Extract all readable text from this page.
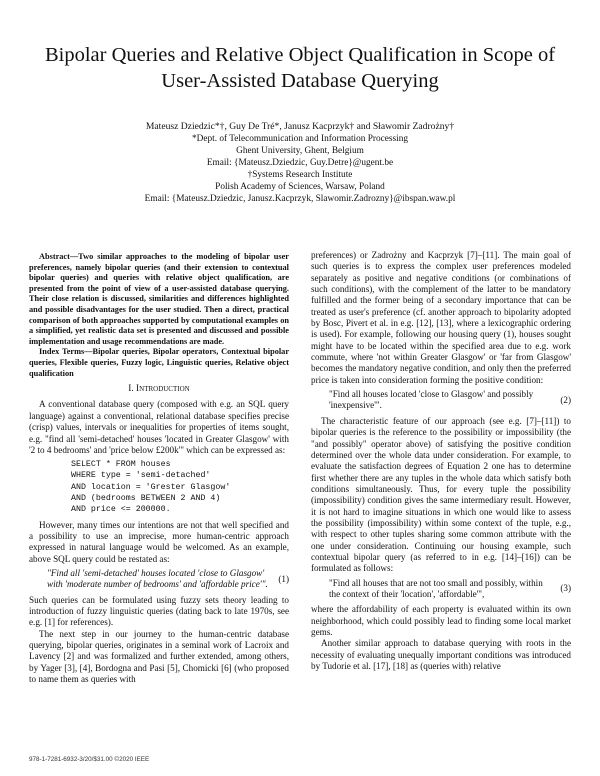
Bipolar Queries and Relative Object Qualification in Scope of User-Assisted Database Querying
Mateusz Dziedzic*†, Guy De Tré*, Janusz Kacprzyk† and Sławomir Zadrożny†
*Dept. of Telecommunication and Information Processing
Ghent University, Ghent, Belgium
Email: {Mateusz.Dziedzic, Guy.Detre}@ugent.be
†Systems Research Institute
Polish Academy of Sciences, Warsaw, Poland
Email: {Mateusz.Dziedzic, Janusz.Kacprzyk, Slawomir.Zadrozny}@ibspan.waw.pl

Abstract—Two similar approaches to the modeling of bipolar user preferences, namely bipolar queries (and their extension to contextual bipolar queries) and queries with relative object qualification, are presented from the point of view of a user-assisted database querying. Their close relation is discussed, similarities and differences highlighted and possible disadvantages for the user studied. Then a direct, practical comparison of both approaches supported by computational examples on a simplified, yet realistic data set is presented and discussed and possible implementation and usage recommendations are made.

Index Terms—Bipolar queries, Bipolar operators, Contextual bipolar queries, Flexible queries, Fuzzy logic, Linguistic queries, Relative object qualification

I. Introduction

A conventional database query (composed with e.g. an SQL query language) against a conventional, relational database specifies precise (crisp) values, intervals or inequalities for properties of items sought, e.g. "find all 'semi-detached' houses 'located in Greater Glasgow' with '2 to 4 bedrooms' and 'price below £200k'" which can be expressed as:

SELECT * FROM houses
WHERE type = 'semi-detached'
AND location = 'Grester Glasgow'
AND (bedrooms BETWEEN 2 AND 4)
AND price <= 200000.

However, many times our intentions are not that well specified and a possibility to use an imprecise, more human-centric approach expressed in natural language would be welcomed. As an example, above SQL query could be restated as:

"Find all 'semi-detached' houses located 'close to Glasgow' with 'moderate number of bedrooms' and 'affordable price'".
(1)

Such queries can be formulated using fuzzy sets theory leading to introduction of fuzzy linguistic queries (dating back to late 1970s, see e.g. [1] for references).

The next step in our journey to the human-centric database querying, bipolar queries, originates in a seminal work of Lacroix and Lavency [2] and was formalized and further extended, among others, by Yager [3], [4], Bordogna and Pasi [5], Chomicki [6] (who proposed to name them as queries with

preferences) or Zadrożny and Kacprzyk [7]–[11]. The main goal of such queries is to express the complex user preferences modeled separately as positive and negative conditions (or combinations of such conditions), with the complement of the latter to be mandatory fulfilled and the former being of a secondary importance that can be treated as user's preference (cf. another approach to bipolarity adopted by Bosc, Pivert et al. in e.g. [12], [13], where a lexicographic ordering is used). For example, following our housing query (1), houses sought might have to be located within the specified area due to e.g. work commute, where 'not within Greater Glasgow' or 'far from Glasgow' becomes the mandatory negative condition, and only then the preferred price is taken into consideration forming the positive condition:

"Find all houses located 'close to Glasgow' and possibly 'inexpensive'".
(2)

The characteristic feature of our approach (see e.g. [7]–[11]) to bipolar queries is the reference to the possibility or impossibility (the "and possibly" operator above) of satisfying the positive condition determined over the whole data under consideration. For example, to evaluate the satisfaction degrees of Equation 2 one has to determine first whether there are any tuples in the whole data which satisfy both conditions simultaneously. Thus, for every tuple the possibility (impossibility) condition gives the same intermediary result. However, it is not hard to imagine situations in which one would like to assess the possibility (impossibility) within some context of the tuple, e.g., with respect to other tuples sharing some common attribute with the one under consideration. Continuing our housing example, such contextual bipolar query (as referred to in e.g. [14]–[16]) can be formulated as follows:

"Find all houses that are not too small and possibly, within the context of their 'location', 'affordable'",
(3)

where the affordability of each property is evaluated within its own neighborhood, which could possibly lead to finding some local market gems.

Another similar approach to database querying with roots in the necessity of evaluating unequally important conditions was introduced by Tudorie et al. [17], [18] as (queries with) relative

978-1-7281-6932-3/20/$31.00 ©2020 IEEE
